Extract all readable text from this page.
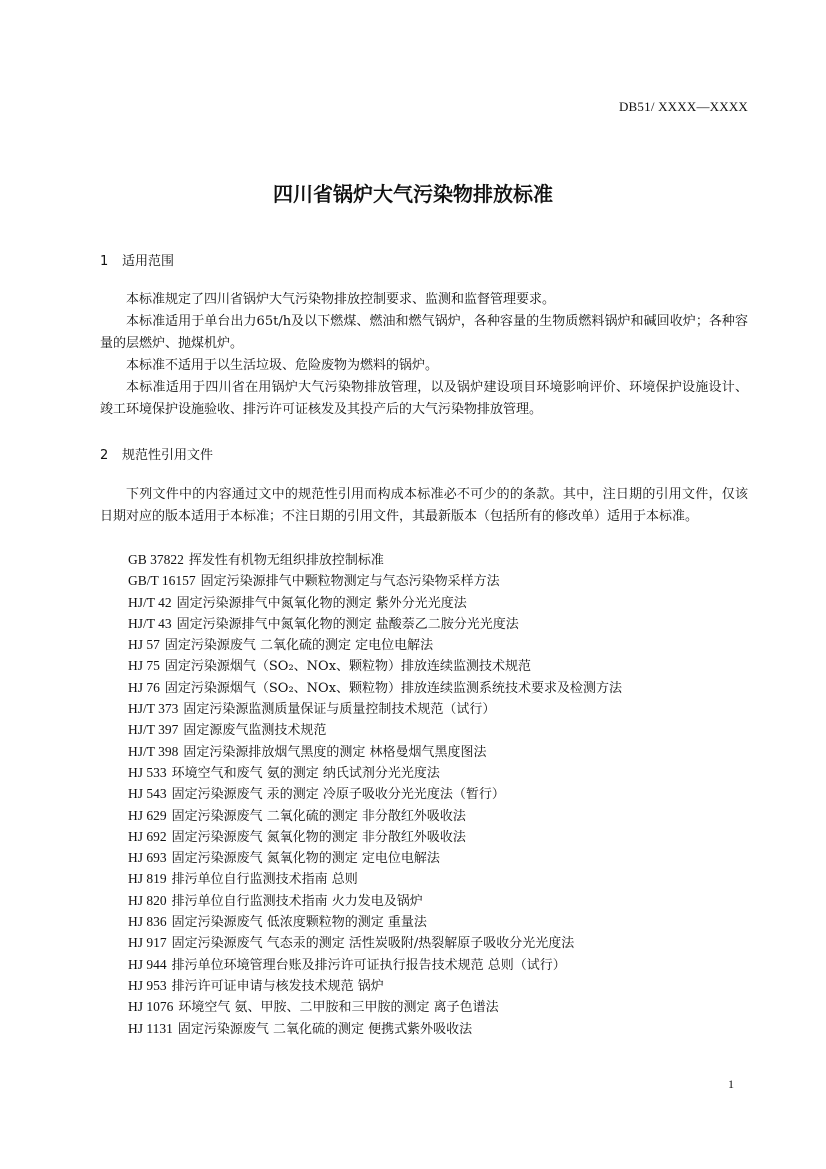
DB51/ XXXX—XXXX
四川省锅炉大气污染物排放标准
1 适用范围

本标准规定了四川省锅炉大气污染物排放控制要求、监测和监督管理要求。

本标准适用于单台出力65t/h及以下燃煤、燃油和燃气锅炉，各种容量的生物质燃料锅炉和碱回收炉；各种容量的层燃炉、抛煤机炉。

本标准不适用于以生活垃圾、危险废物为燃料的锅炉。

本标准适用于四川省在用锅炉大气污染物排放管理，以及锅炉建设项目环境影响评价、环境保护设施设计、竣工环境保护设施验收、排污许可证核发及其投产后的大气污染物排放管理。

2 规范性引用文件

下列文件中的内容通过文中的规范性引用而构成本标准必不可少的的条款。其中，注日期的引用文件，仅该日期对应的版本适用于本标准；不注日期的引用文件，其最新版本（包括所有的修改单）适用于本标准。

GB 37822 挥发性有机物无组织排放控制标准
GB/T 16157 固定污染源排气中颗粒物测定与气态污染物采样方法
HJ/T 42 固定污染源排气中氮氧化物的测定 紫外分光光度法
HJ/T 43 固定污染源排气中氮氧化物的测定 盐酸萘乙二胺分光光度法
HJ 57 固定污染源废气 二氧化硫的测定 定电位电解法
HJ 75 固定污染源烟气（SO₂、NOx、颗粒物）排放连续监测技术规范
HJ 76 固定污染源烟气（SO₂、NOx、颗粒物）排放连续监测系统技术要求及检测方法
HJ/T 373 固定污染源监测质量保证与质量控制技术规范（试行）
HJ/T 397 固定源废气监测技术规范
HJ/T 398 固定污染源排放烟气黑度的测定 林格曼烟气黑度图法
HJ 533 环境空气和废气 氨的测定 纳氏试剂分光光度法
HJ 543 固定污染源废气 汞的测定 冷原子吸收分光光度法（暂行）
HJ 629 固定污染源废气 二氧化硫的测定 非分散红外吸收法
HJ 692 固定污染源废气 氮氧化物的测定 非分散红外吸收法
HJ 693 固定污染源废气 氮氧化物的测定 定电位电解法
HJ 819 排污单位自行监测技术指南 总则
HJ 820 排污单位自行监测技术指南 火力发电及锅炉
HJ 836 固定污染源废气 低浓度颗粒物的测定 重量法
HJ 917 固定污染源废气 气态汞的测定 活性炭吸附/热裂解原子吸收分光光度法
HJ 944 排污单位环境管理台账及排污许可证执行报告技术规范 总则（试行）
HJ 953 排污许可证申请与核发技术规范 锅炉
HJ 1076 环境空气 氨、甲胺、二甲胺和三甲胺的测定 离子色谱法
HJ 1131 固定污染源废气 二氧化硫的测定 便携式紫外吸收法
1
